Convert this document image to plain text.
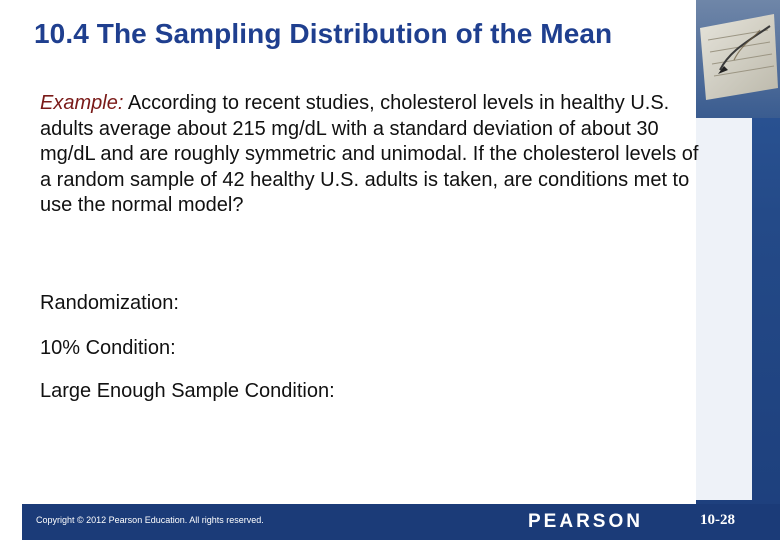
10.4 The Sampling Distribution of the Mean

Example: According to recent studies, cholesterol levels in healthy U.S. adults average about 215 mg/dL with a standard deviation of about 30 mg/dL and are roughly symmetric and unimodal. If the cholesterol levels of a random sample of 42 healthy U.S. adults is taken, are conditions met to use the normal model?

Randomization:

10% Condition:

Large Enough Sample Condition:

Copyright © 2012 Pearson Education. All rights reserved.	PEARSON	10-28
